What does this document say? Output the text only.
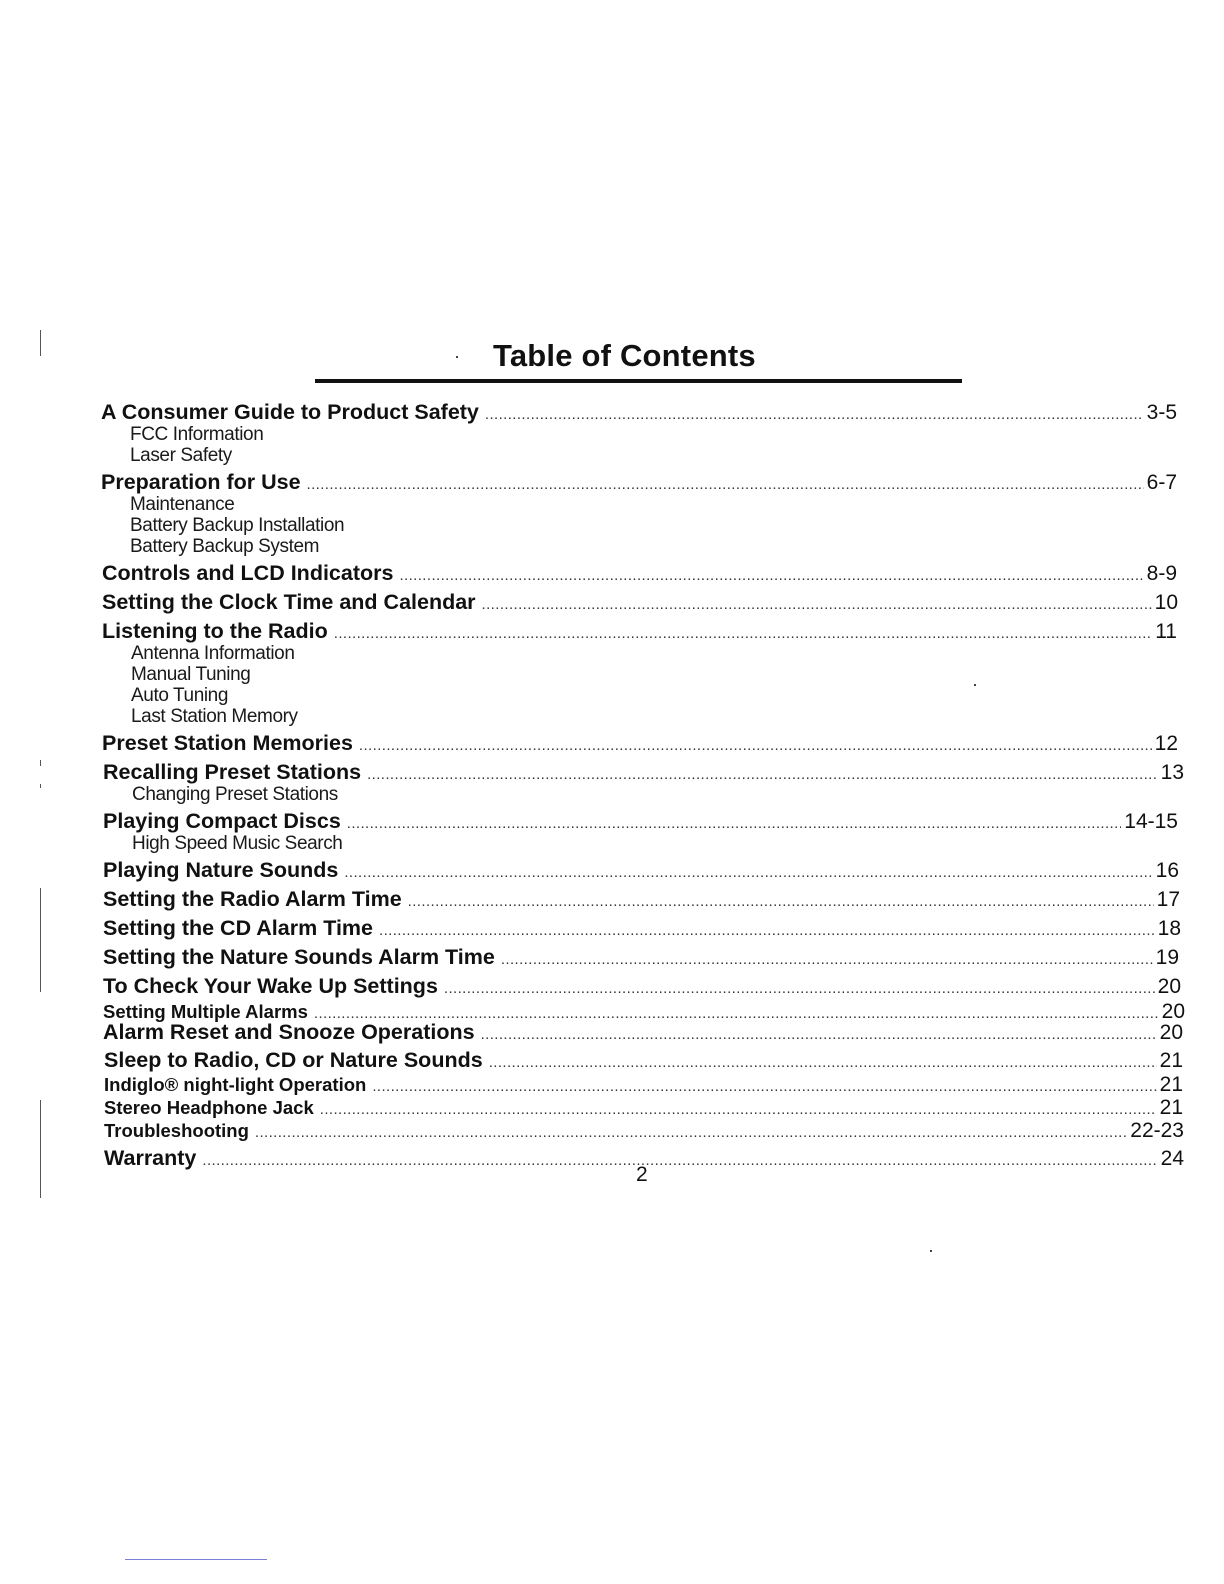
Table of Contents
A Consumer Guide to Product Safety .....	3-5
FCC Information
Laser Safety
Preparation for Use .....	6-7
Maintenance
Battery Backup Installation
Battery Backup System
Controls and LCD Indicators .....	8-9
Setting the Clock Time and Calendar .....	10
Listening to the Radio .....	11
Antenna Information
Manual Tuning
Auto Tuning
Last Station Memory
Preset Station Memories .....	12
Recalling Preset Stations .....	13
Changing Preset Stations
Playing Compact Discs .....	14-15
High Speed Music Search
Playing Nature Sounds .....	16
Setting the Radio Alarm Time .....	17
Setting the CD Alarm Time .....	18
Setting the Nature Sounds Alarm Time .....	19
To Check Your Wake Up Settings .....	20
Setting Multiple Alarms .....	20
Alarm Reset and Snooze Operations .....	20
Sleep to Radio, CD or Nature Sounds .....	21
Indiglo® night-light Operation .....	21
Stereo Headphone Jack .....	21
Troubleshooting .....	22-23
Warranty .....	24
2
